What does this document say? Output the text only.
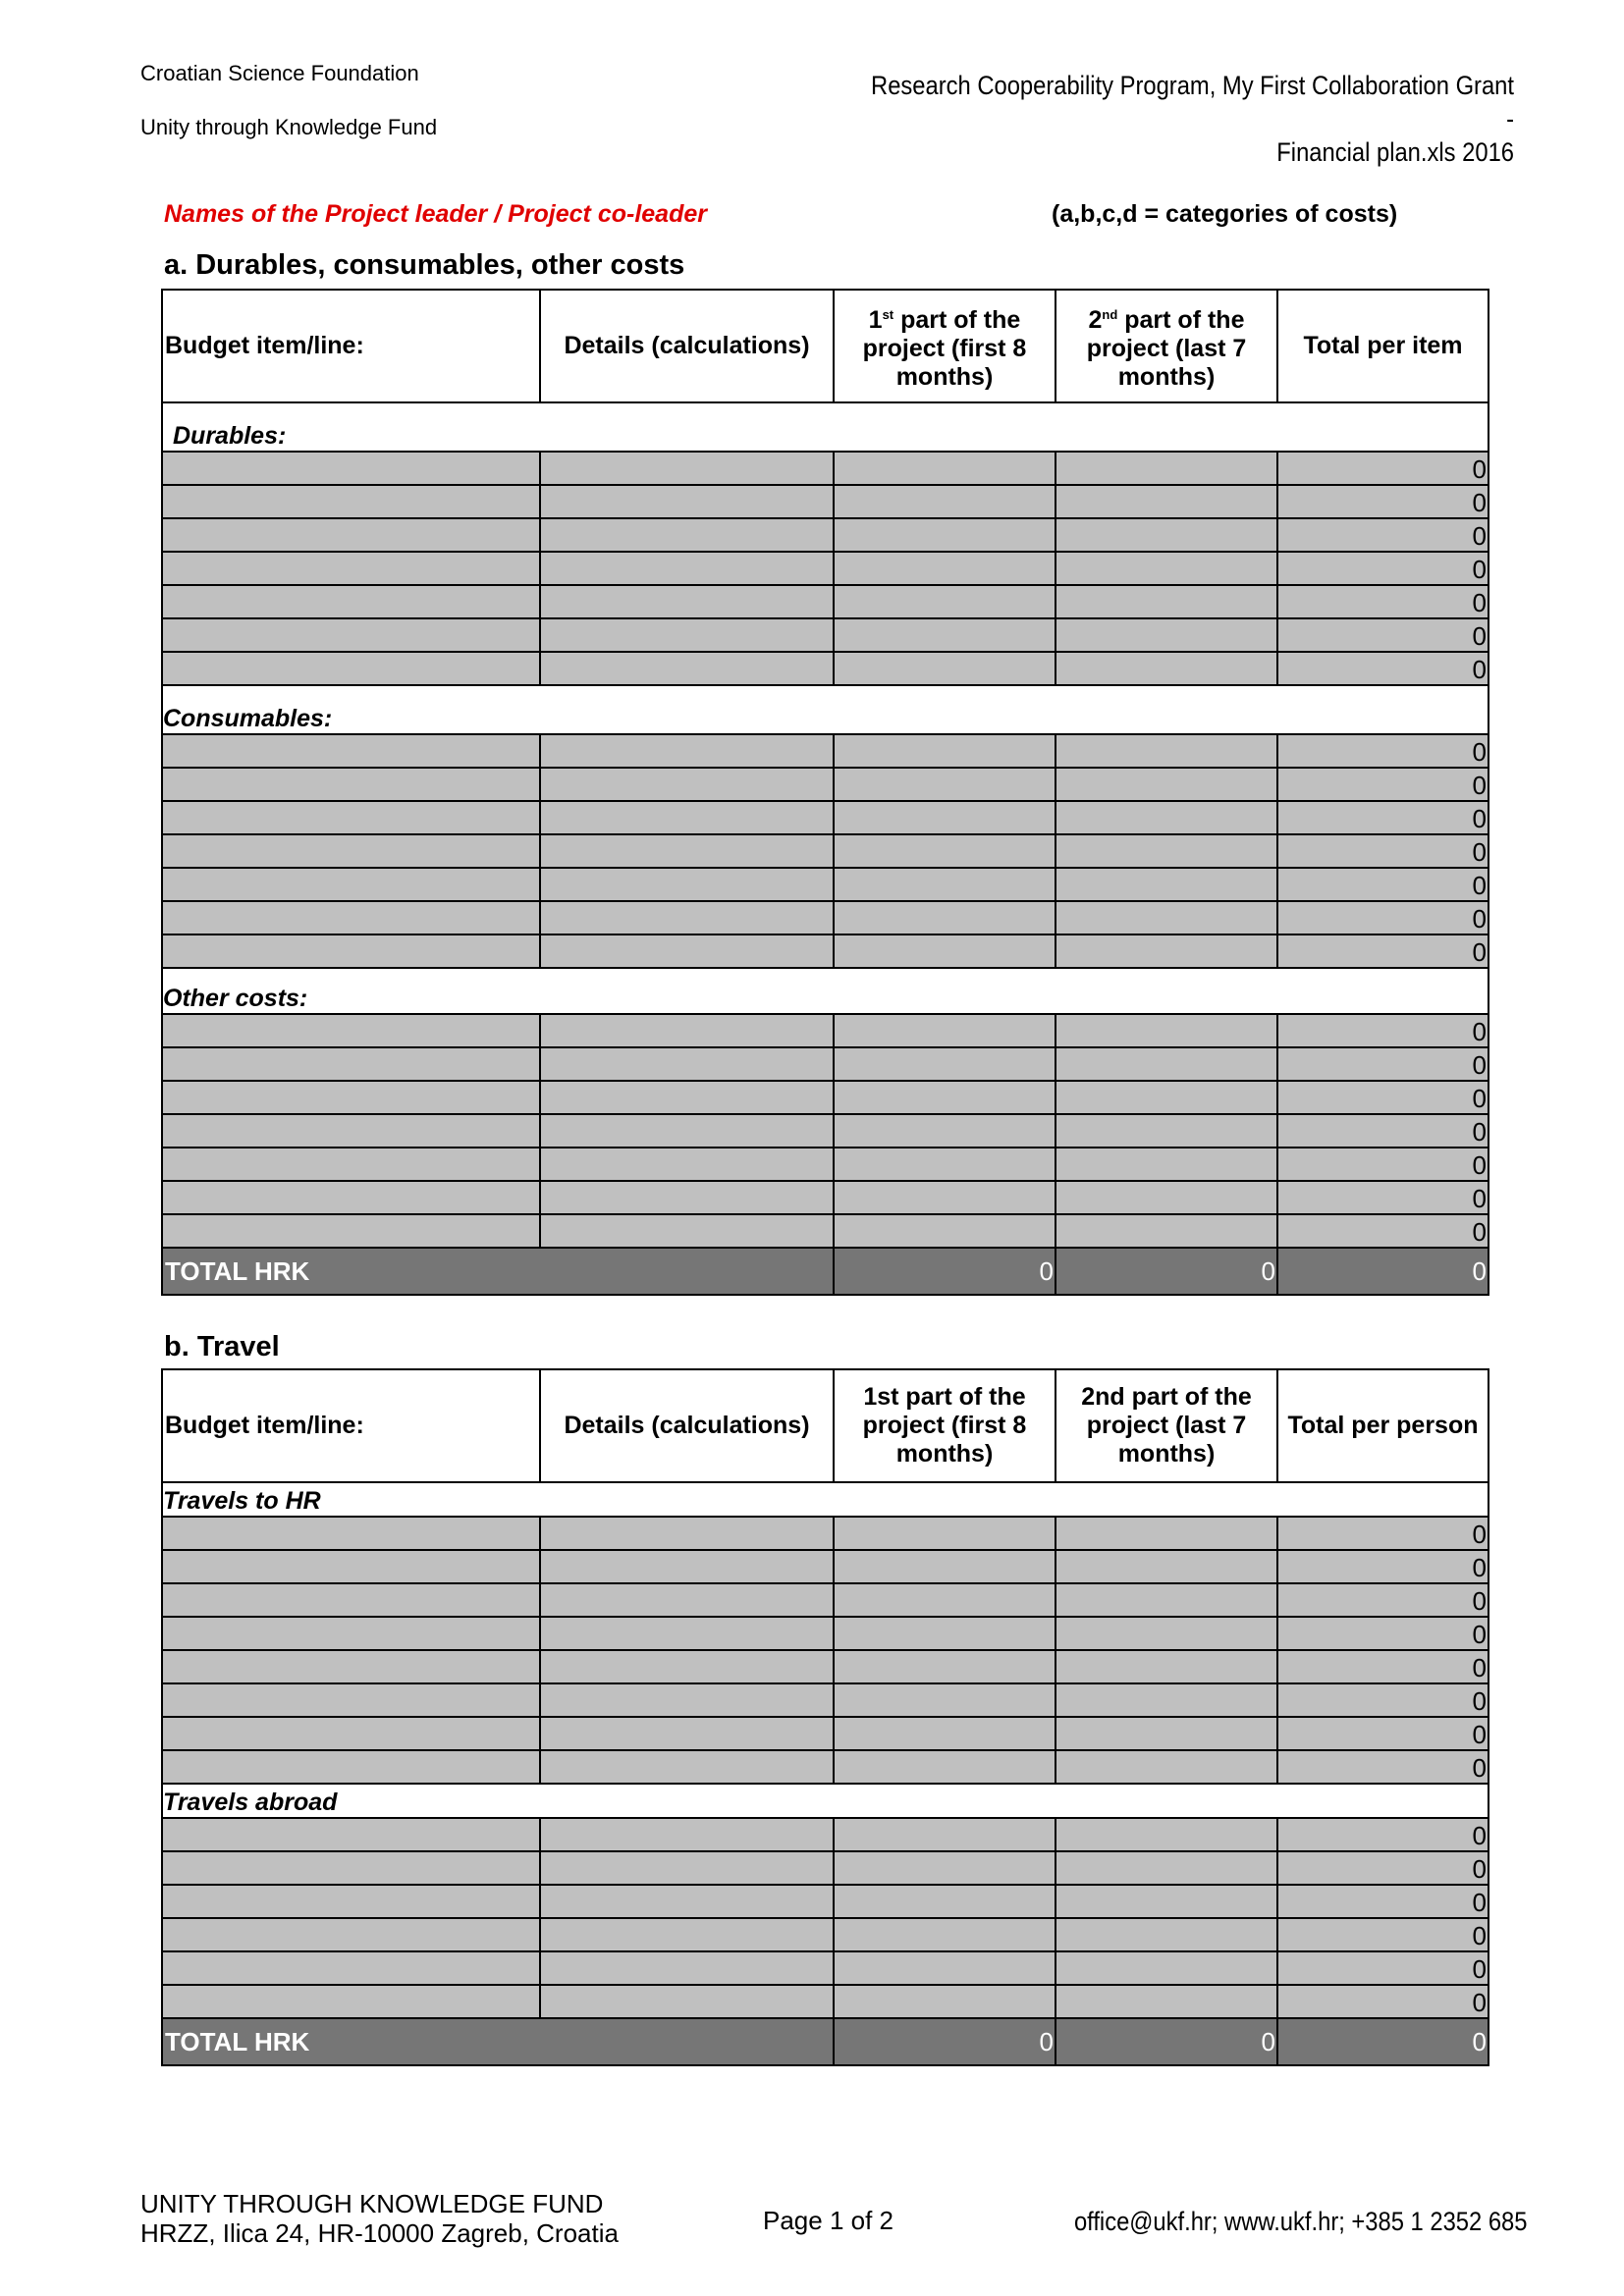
Croatian Science Foundation
Unity through Knowledge Fund
Research Cooperability Program, My First Collaboration Grant -
Financial plan.xls 2016
Names of the Project leader / Project co-leader	(a,b,c,d = categories of costs)
a. Durables, consumables, other costs
Budget item/line:	Details (calculations)	1st part of the project (first 8 months)	2nd part of the project (last 7 months)	Total per item
Durables:				
				0
				0
				0
				0
				0
				0
				0
Consumables:				
				0
				0
				0
				0
				0
				0
				0
Other costs:				
				0
				0
				0
				0
				0
				0
				0
TOTAL HRK		0	0	0
b. Travel
Budget item/line:	Details (calculations)	1st part of the project (first 8 months)	2nd part of the project (last 7 months)	Total per person
Travels to HR				
				0
				0
				0
				0
				0
				0
				0
				0
Travels abroad				
				0
				0
				0
				0
				0
				0
TOTAL HRK		0	0	0
UNITY THROUGH KNOWLEDGE FUND
HRZZ, Ilica 24, HR-10000 Zagreb, Croatia	Page 1 of 2	office@ukf.hr; www.ukf.hr; +385 1 2352 685
